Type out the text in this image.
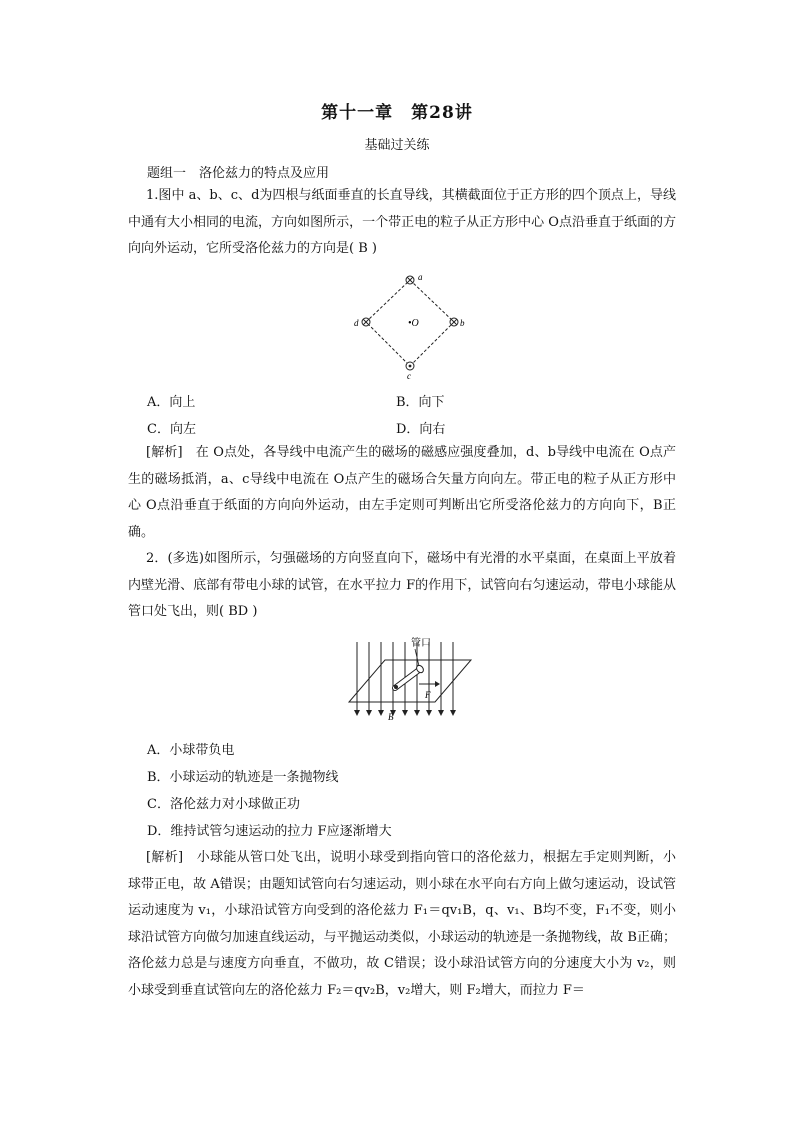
第十一章　第28讲
基础过关练
题组一　洛伦兹力的特点及应用
1.图中 a、b、c、d为四根与纸面垂直的长直导线，其横截面位于正方形的四个顶点上，导线中通有大小相同的电流，方向如图所示，一个带正电的粒子从正方形中心 O点沿垂直于纸面的方向向外运动，它所受洛伦兹力的方向是( B )
a
b
c
d	•O
A．向上	B．向下
C．向左	D．向右
[解析]　在 O点处，各导线中电流产生的磁场的磁感应强度叠加，d、b导线中电流在 O点产生的磁场抵消，a、c导线中电流在 O点产生的磁场合矢量方向向左。带正电的粒子从正方形中心 O点沿垂直于纸面的方向向外运动，由左手定则可判断出它所受洛伦兹力的方向向下，B正确。
2．(多选)如图所示，匀强磁场的方向竖直向下，磁场中有光滑的水平桌面，在桌面上平放着内壁光滑、底部有带电小球的试管，在水平拉力 F的作用下，试管向右匀速运动，带电小球能从管口处飞出，则( BD )
管口
F
B
A．小球带负电
B．小球运动的轨迹是一条抛物线
C．洛伦兹力对小球做正功
D．维持试管匀速运动的拉力 F应逐渐增大
[解析]　小球能从管口处飞出，说明小球受到指向管口的洛伦兹力，根据左手定则判断，小球带正电，故 A错误；由题知试管向右匀速运动，则小球在水平向右方向上做匀速运动，设试管运动速度为 v₁，小球沿试管方向受到的洛伦兹力 F₁＝qv₁B，q、v₁、B均不变，F₁不变，则小球沿试管方向做匀加速直线运动，与平抛运动类似，小球运动的轨迹是一条抛物线，故 B正确；洛伦兹力总是与速度方向垂直，不做功，故 C错误；设小球沿试管方向的分速度大小为 v₂，则小球受到垂直试管向左的洛伦兹力 F₂＝qv₂B，v₂增大，则 F₂增大，而拉力 F＝
